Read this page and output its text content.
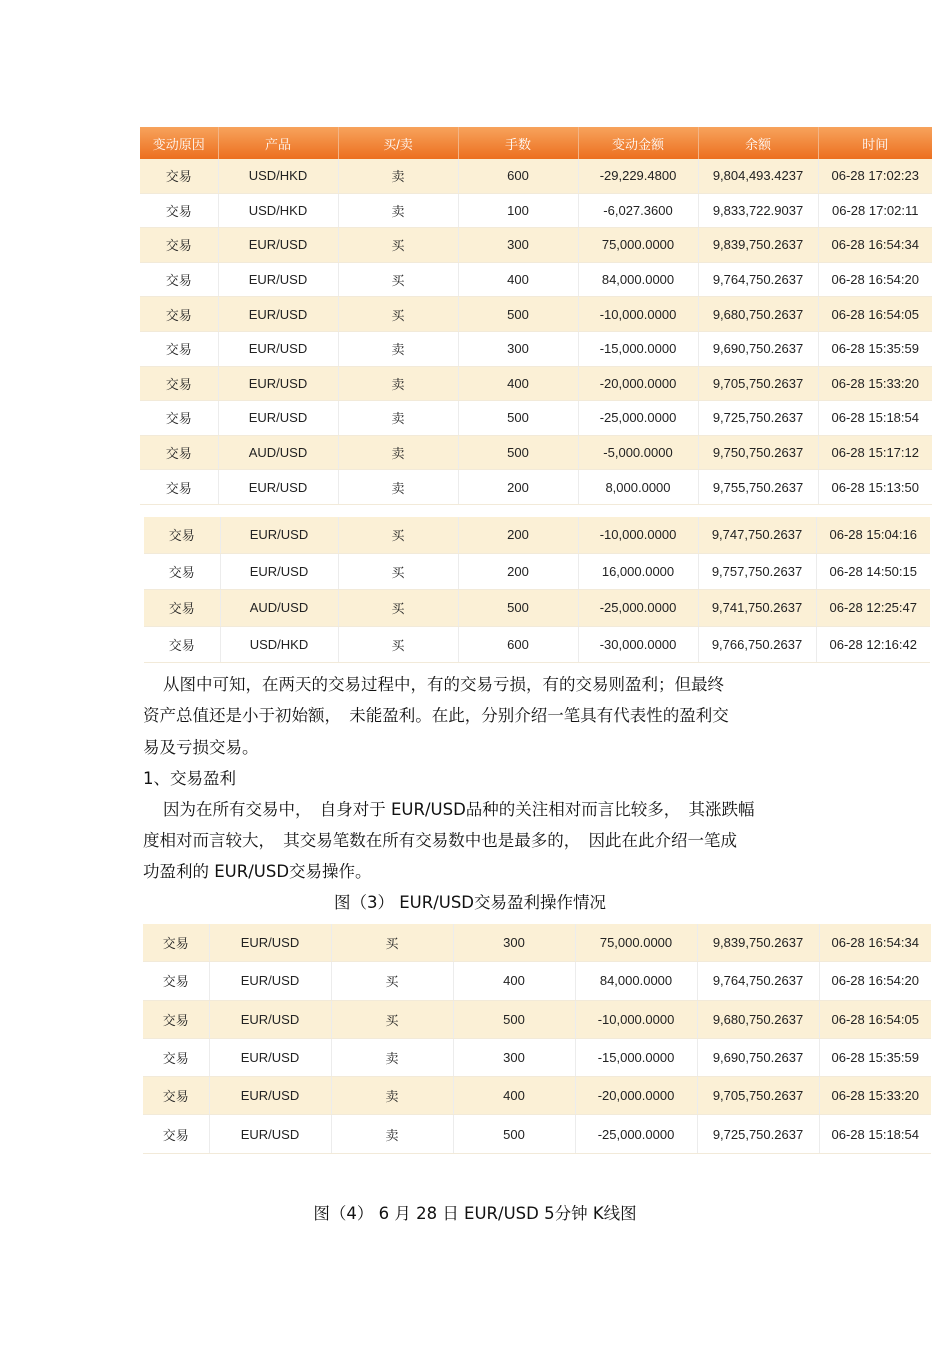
变动原因	产品	买/卖	手数	变动金额	余额	时间
交易	USD/HKD	卖	600	-29,229.4800	9,804,493.4237	06-28 17:02:23
交易	USD/HKD	卖	100	-6,027.3600	9,833,722.9037	06-28 17:02:11
交易	EUR/USD	买	300	75,000.0000	9,839,750.2637	06-28 16:54:34
交易	EUR/USD	买	400	84,000.0000	9,764,750.2637	06-28 16:54:20
交易	EUR/USD	买	500	-10,000.0000	9,680,750.2637	06-28 16:54:05
交易	EUR/USD	卖	300	-15,000.0000	9,690,750.2637	06-28 15:35:59
交易	EUR/USD	卖	400	-20,000.0000	9,705,750.2637	06-28 15:33:20
交易	EUR/USD	卖	500	-25,000.0000	9,725,750.2637	06-28 15:18:54
交易	AUD/USD	卖	500	-5,000.0000	9,750,750.2637	06-28 15:17:12
交易	EUR/USD	卖	200	8,000.0000	9,755,750.2637	06-28 15:13:50
交易	EUR/USD	买	200	-10,000.0000	9,747,750.2637	06-28 15:04:16
交易	EUR/USD	买	200	16,000.0000	9,757,750.2637	06-28 14:50:15
交易	AUD/USD	买	500	-25,000.0000	9,741,750.2637	06-28 12:25:47
交易	USD/HKD	买	600	-30,000.0000	9,766,750.2637	06-28 12:16:42

从图中可知，在两天的交易过程中，有的交易亏损，有的交易则盈利；但最终

资产总值还是小于初始额，　未能盈利。在此，分别介绍一笔具有代表性的盈利交

易及亏损交易。

1、交易盈利

因为在所有交易中，　自身对于 EUR/USD品种的关注相对而言比较多，　其涨跌幅

度相对而言较大，　其交易笔数在所有交易数中也是最多的，　因此在此介绍一笔成

功盈利的 EUR/USD交易操作。

图（3） EUR/USD交易盈利操作情况

交易	EUR/USD	买	300	75,000.0000	9,839,750.2637	06-28 16:54:34
交易	EUR/USD	买	400	84,000.0000	9,764,750.2637	06-28 16:54:20
交易	EUR/USD	买	500	-10,000.0000	9,680,750.2637	06-28 16:54:05
交易	EUR/USD	卖	300	-15,000.0000	9,690,750.2637	06-28 15:35:59
交易	EUR/USD	卖	400	-20,000.0000	9,705,750.2637	06-28 15:33:20
交易	EUR/USD	卖	500	-25,000.0000	9,725,750.2637	06-28 15:18:54

图（4） 6 月 28 日 EUR/USD 5分钟 K线图
